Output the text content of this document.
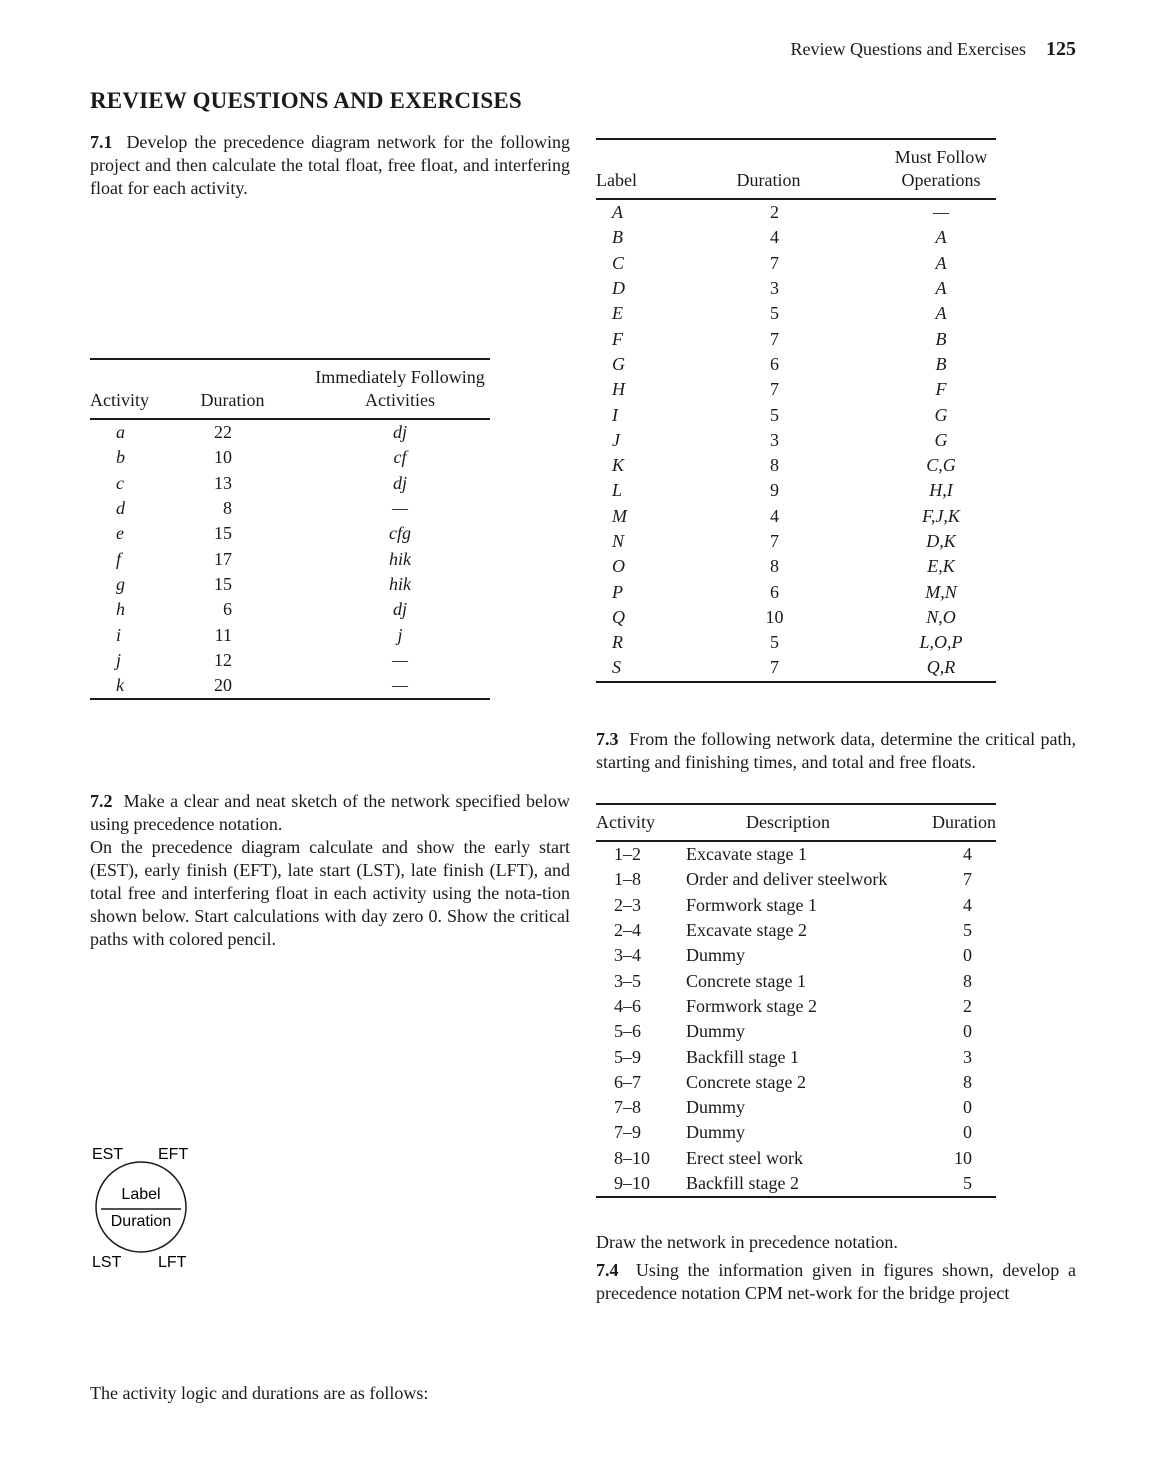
Review Questions and Exercises 125
REVIEW QUESTIONS AND EXERCISES
7.1 Develop the precedence diagram network for the following project and then calculate the total float, free float, and interfering float for each activity.
Activity	Duration	Immediately Following
Activities

a	22	dj
b	10	cf
c	13	dj
d	8	—
e	15	cfg
f	17	hik
g	15	hik
h	6	dj
i	11	j
j	12	—
k	20	—
7.2 Make a clear and neat sketch of the network specified below using precedence notation.
On the precedence diagram calculate and show the early start (EST), early finish (EFT), late start (LST), late finish (LFT), and total free and interfering float in each activity using the nota-tion shown below. Start calculations with day zero 0. Show the critical paths with colored pencil.
EST EFT
Label
Duration
LST LFT
The activity logic and durations are as follows:
Label	Duration	Must Follow
Operations

A	2	—
B	4	A
C	7	A
D	3	A
E	5	A
F	7	B
G	6	B
H	7	F
I	5	G
J	3	G
K	8	C,G
L	9	H,I
M	4	F,J,K
N	7	D,K
O	8	E,K
P	6	M,N
Q	10	N,O
R	5	L,O,P
S	7	Q,R
7.3 From the following network data, determine the critical path, starting and finishing times, and total and free floats.
Activity	Description	Duration
1–2	Excavate stage 1	4
1–8	Order and deliver steelwork	7
2–3	Formwork stage 1	4
2–4	Excavate stage 2	5
3–4	Dummy	0
3–5	Concrete stage 1	8
4–6	Formwork stage 2	2
5–6	Dummy	0
5–9	Backfill stage 1	3
6–7	Concrete stage 2	8
7–8	Dummy	0
7–9	Dummy	0
8–10	Erect steel work	10
9–10	Backfill stage 2	5
Draw the network in precedence notation.
7.4 Using the information given in figures shown, develop a precedence notation CPM net-work for the bridge project
